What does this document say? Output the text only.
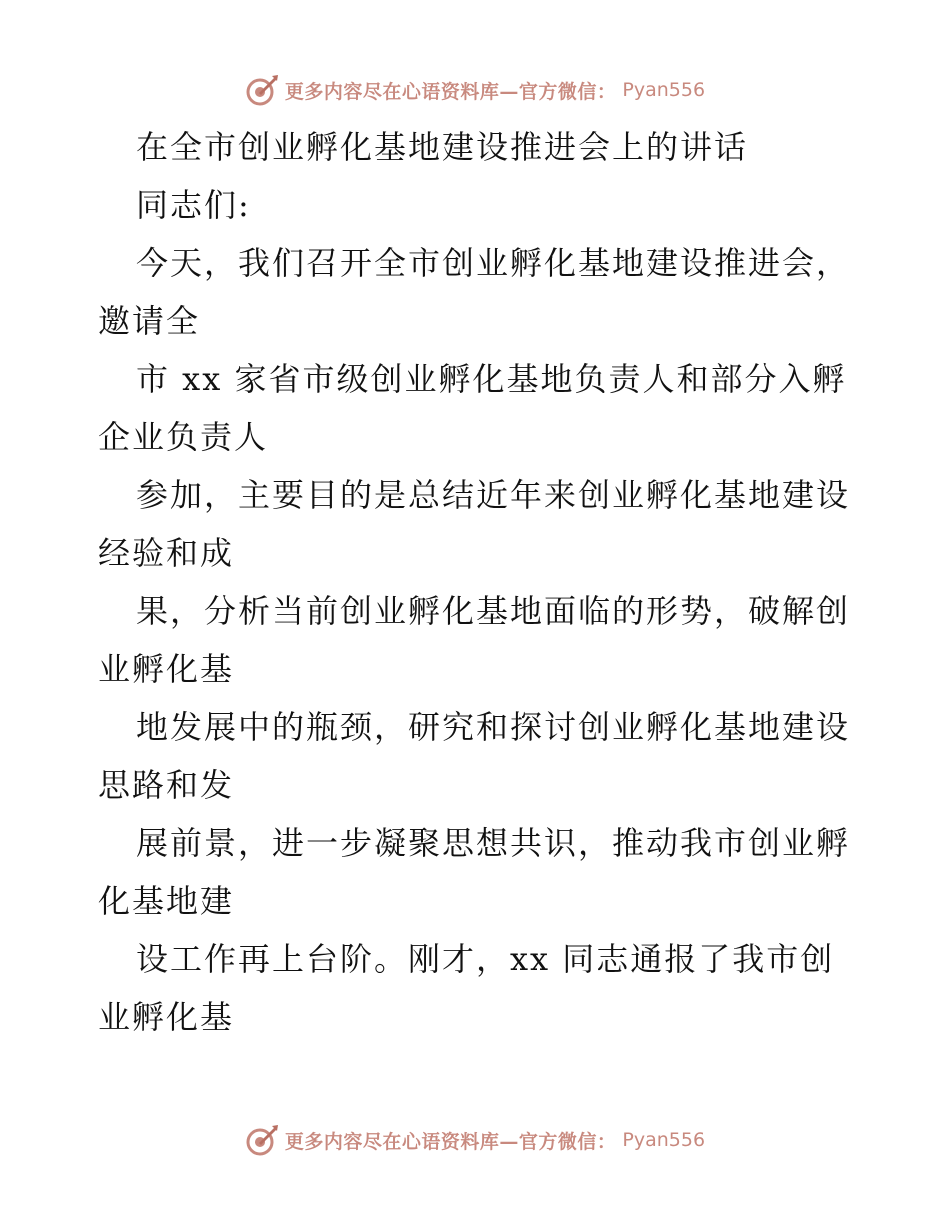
更多内容尽在心语资料库—官方微信： Pyan556
在全市创业孵化基地建设推进会上的讲话
同志们:
今天，我们召开全市创业孵化基地建设推进会，
邀请全
市 xx 家省市级创业孵化基地负责人和部分入孵
企业负责人
参加，主要目的是总结近年来创业孵化基地建设
经验和成
果，分析当前创业孵化基地面临的形势，破解创
业孵化基
地发展中的瓶颈，研究和探讨创业孵化基地建设
思路和发
展前景，进一步凝聚思想共识，推动我市创业孵
化基地建
设工作再上台阶。刚才，xx 同志通报了我市创
业孵化基
更多内容尽在心语资料库—官方微信： Pyan556
